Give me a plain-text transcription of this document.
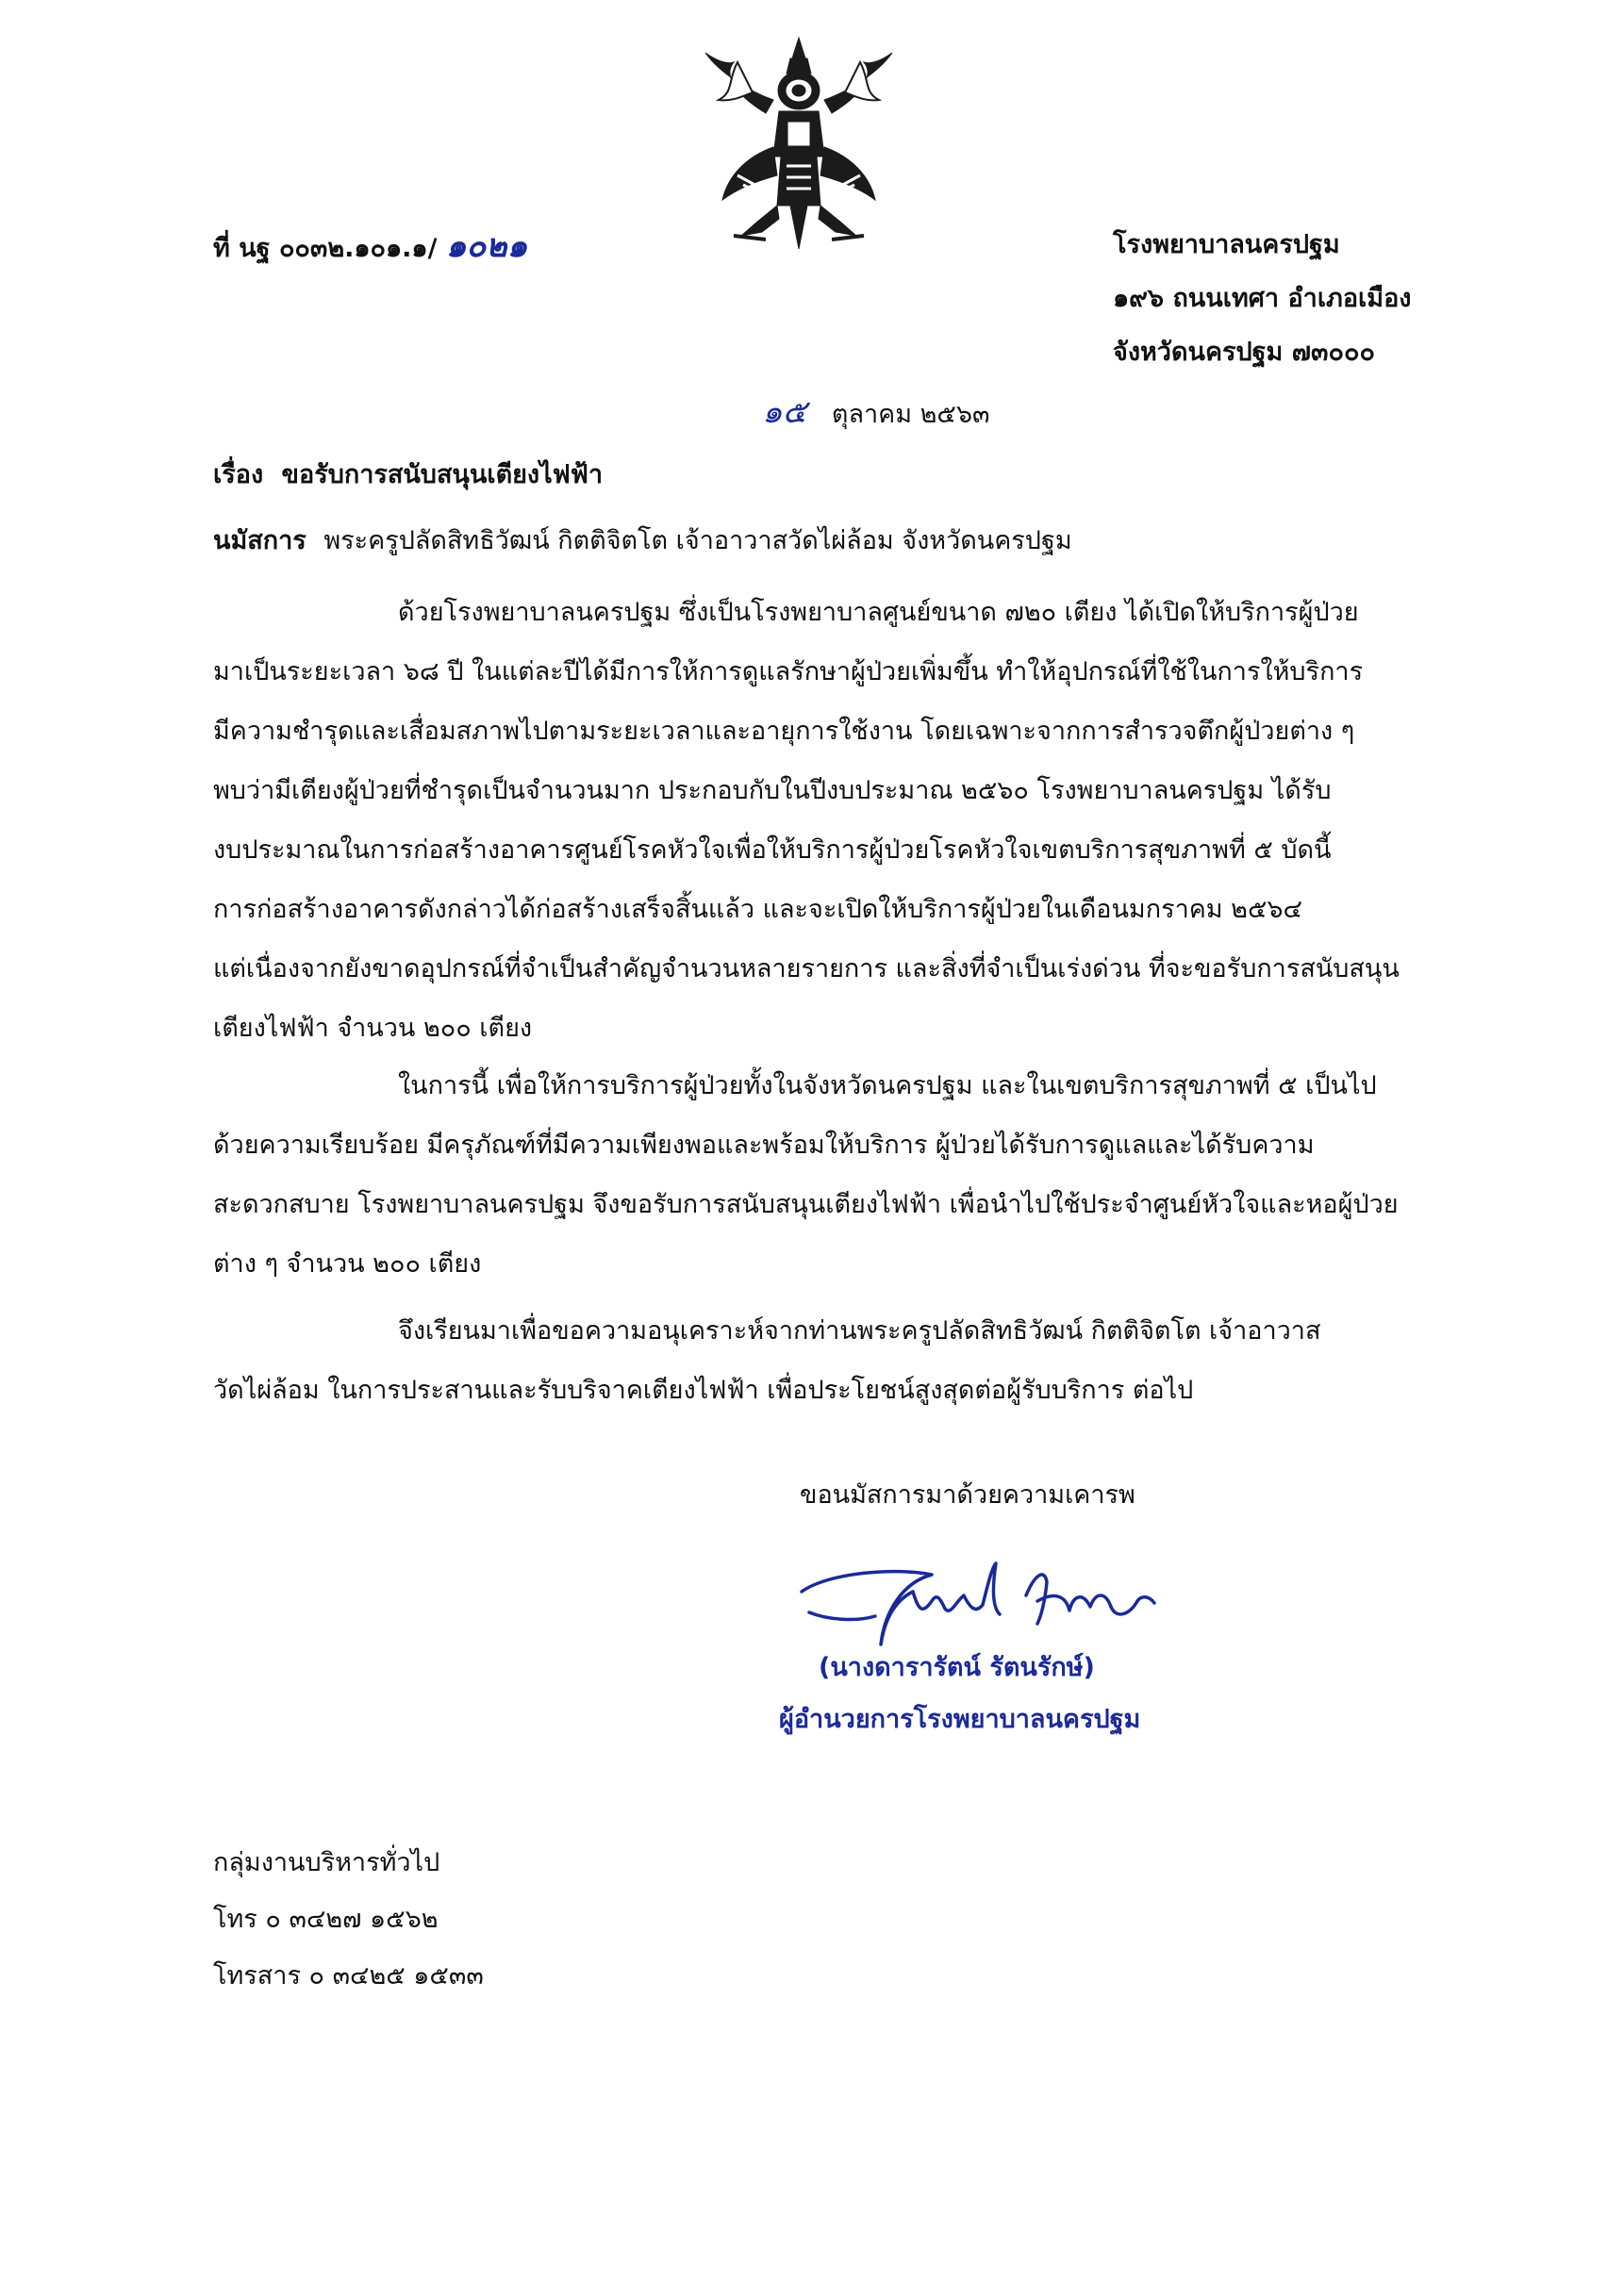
ที่ นฐ ๐๐๓๒.๑๐๑.๑/ ๑๐๒๑	โรงพยาบาลนครปฐม
๑๙๖ ถนนเทศา อำเภอเมือง
จังหวัดนครปฐม ๗๓๐๐๐
๑๕ ตุลาคม ๒๕๖๓
เรื่อง ขอรับการสนับสนุนเตียงไฟฟ้า
นมัสการ พระครูปลัดสิทธิวัฒน์ กิตติจิตโต เจ้าอาวาสวัดไผ่ล้อม จังหวัดนครปฐม
ด้วยโรงพยาบาลนครปฐม ซึ่งเป็นโรงพยาบาลศูนย์ขนาด ๗๒๐ เตียง ได้เปิดให้บริการผู้ป่วย
มาเป็นระยะเวลา ๖๘ ปี ในแต่ละปีได้มีการให้การดูแลรักษาผู้ป่วยเพิ่มขึ้น ทำให้อุปกรณ์ที่ใช้ในการให้บริการ
มีความชำรุดและเสื่อมสภาพไปตามระยะเวลาและอายุการใช้งาน โดยเฉพาะจากการสำรวจตึกผู้ป่วยต่าง ๆ
พบว่ามีเตียงผู้ป่วยที่ชำรุดเป็นจำนวนมาก ประกอบกับในปีงบประมาณ ๒๕๖๐ โรงพยาบาลนครปฐม ได้รับ
งบประมาณในการก่อสร้างอาคารศูนย์โรคหัวใจเพื่อให้บริการผู้ป่วยโรคหัวใจเขตบริการสุขภาพที่ ๕ บัดนี้
การก่อสร้างอาคารดังกล่าวได้ก่อสร้างเสร็จสิ้นแล้ว และจะเปิดให้บริการผู้ป่วยในเดือนมกราคม ๒๕๖๔
แต่เนื่องจากยังขาดอุปกรณ์ที่จำเป็นสำคัญจำนวนหลายรายการ และสิ่งที่จำเป็นเร่งด่วน ที่จะขอรับการสนับสนุน
เตียงไฟฟ้า จำนวน ๒๐๐ เตียง
ในการนี้ เพื่อให้การบริการผู้ป่วยทั้งในจังหวัดนครปฐม และในเขตบริการสุขภาพที่ ๕ เป็นไป
ด้วยความเรียบร้อย มีครุภัณฑ์ที่มีความเพียงพอและพร้อมให้บริการ ผู้ป่วยได้รับการดูแลและได้รับความ
สะดวกสบาย โรงพยาบาลนครปฐม จึงขอรับการสนับสนุนเตียงไฟฟ้า เพื่อนำไปใช้ประจำศูนย์หัวใจและหอผู้ป่วย
ต่าง ๆ จำนวน ๒๐๐ เตียง
จึงเรียนมาเพื่อขอความอนุเคราะห์จากท่านพระครูปลัดสิทธิวัฒน์ กิตติจิตโต เจ้าอาวาส
วัดไผ่ล้อม ในการประสานและรับบริจาคเตียงไฟฟ้า เพื่อประโยชน์สูงสุดต่อผู้รับบริการ ต่อไป
ขอนมัสการมาด้วยความเคารพ
(นางดารารัตน์ รัตนรักษ์)
ผู้อำนวยการโรงพยาบาลนครปฐม
กลุ่มงานบริหารทั่วไป
โทร ๐ ๓๔๒๗ ๑๕๖๒
โทรสาร ๐ ๓๔๒๕ ๑๕๓๓
